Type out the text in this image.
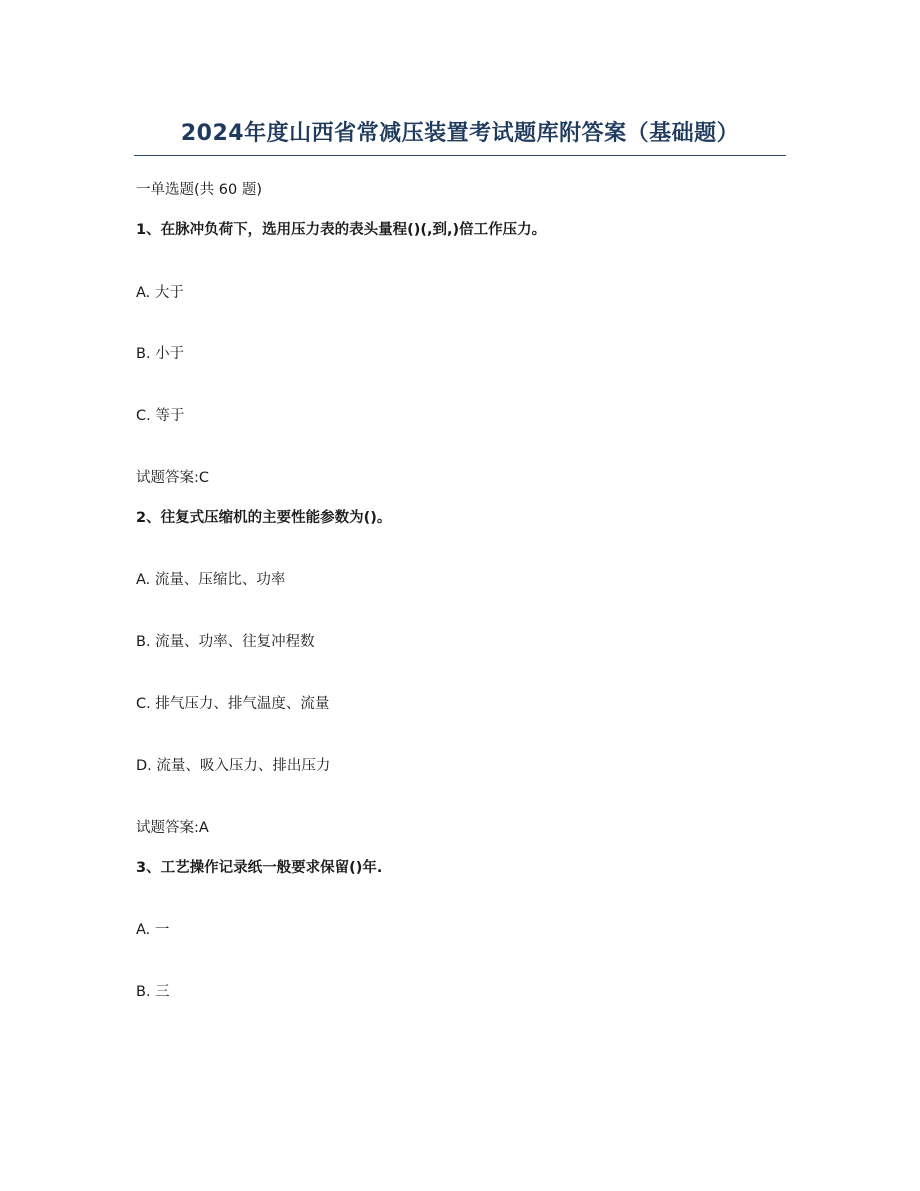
2024年度山西省常减压装置考试题库附答案（基础题）
一单选题(共 60 题)
1、在脉冲负荷下，选用压力表的表头量程()(,到,)倍工作压力。
A. 大于
B. 小于
C. 等于
试题答案:C
2、往复式压缩机的主要性能参数为()。
A. 流量、压缩比、功率
B. 流量、功率、往复冲程数
C. 排气压力、排气温度、流量
D. 流量、吸入压力、排出压力
试题答案:A
3、工艺操作记录纸一般要求保留()年.
A. 一
B. 三
